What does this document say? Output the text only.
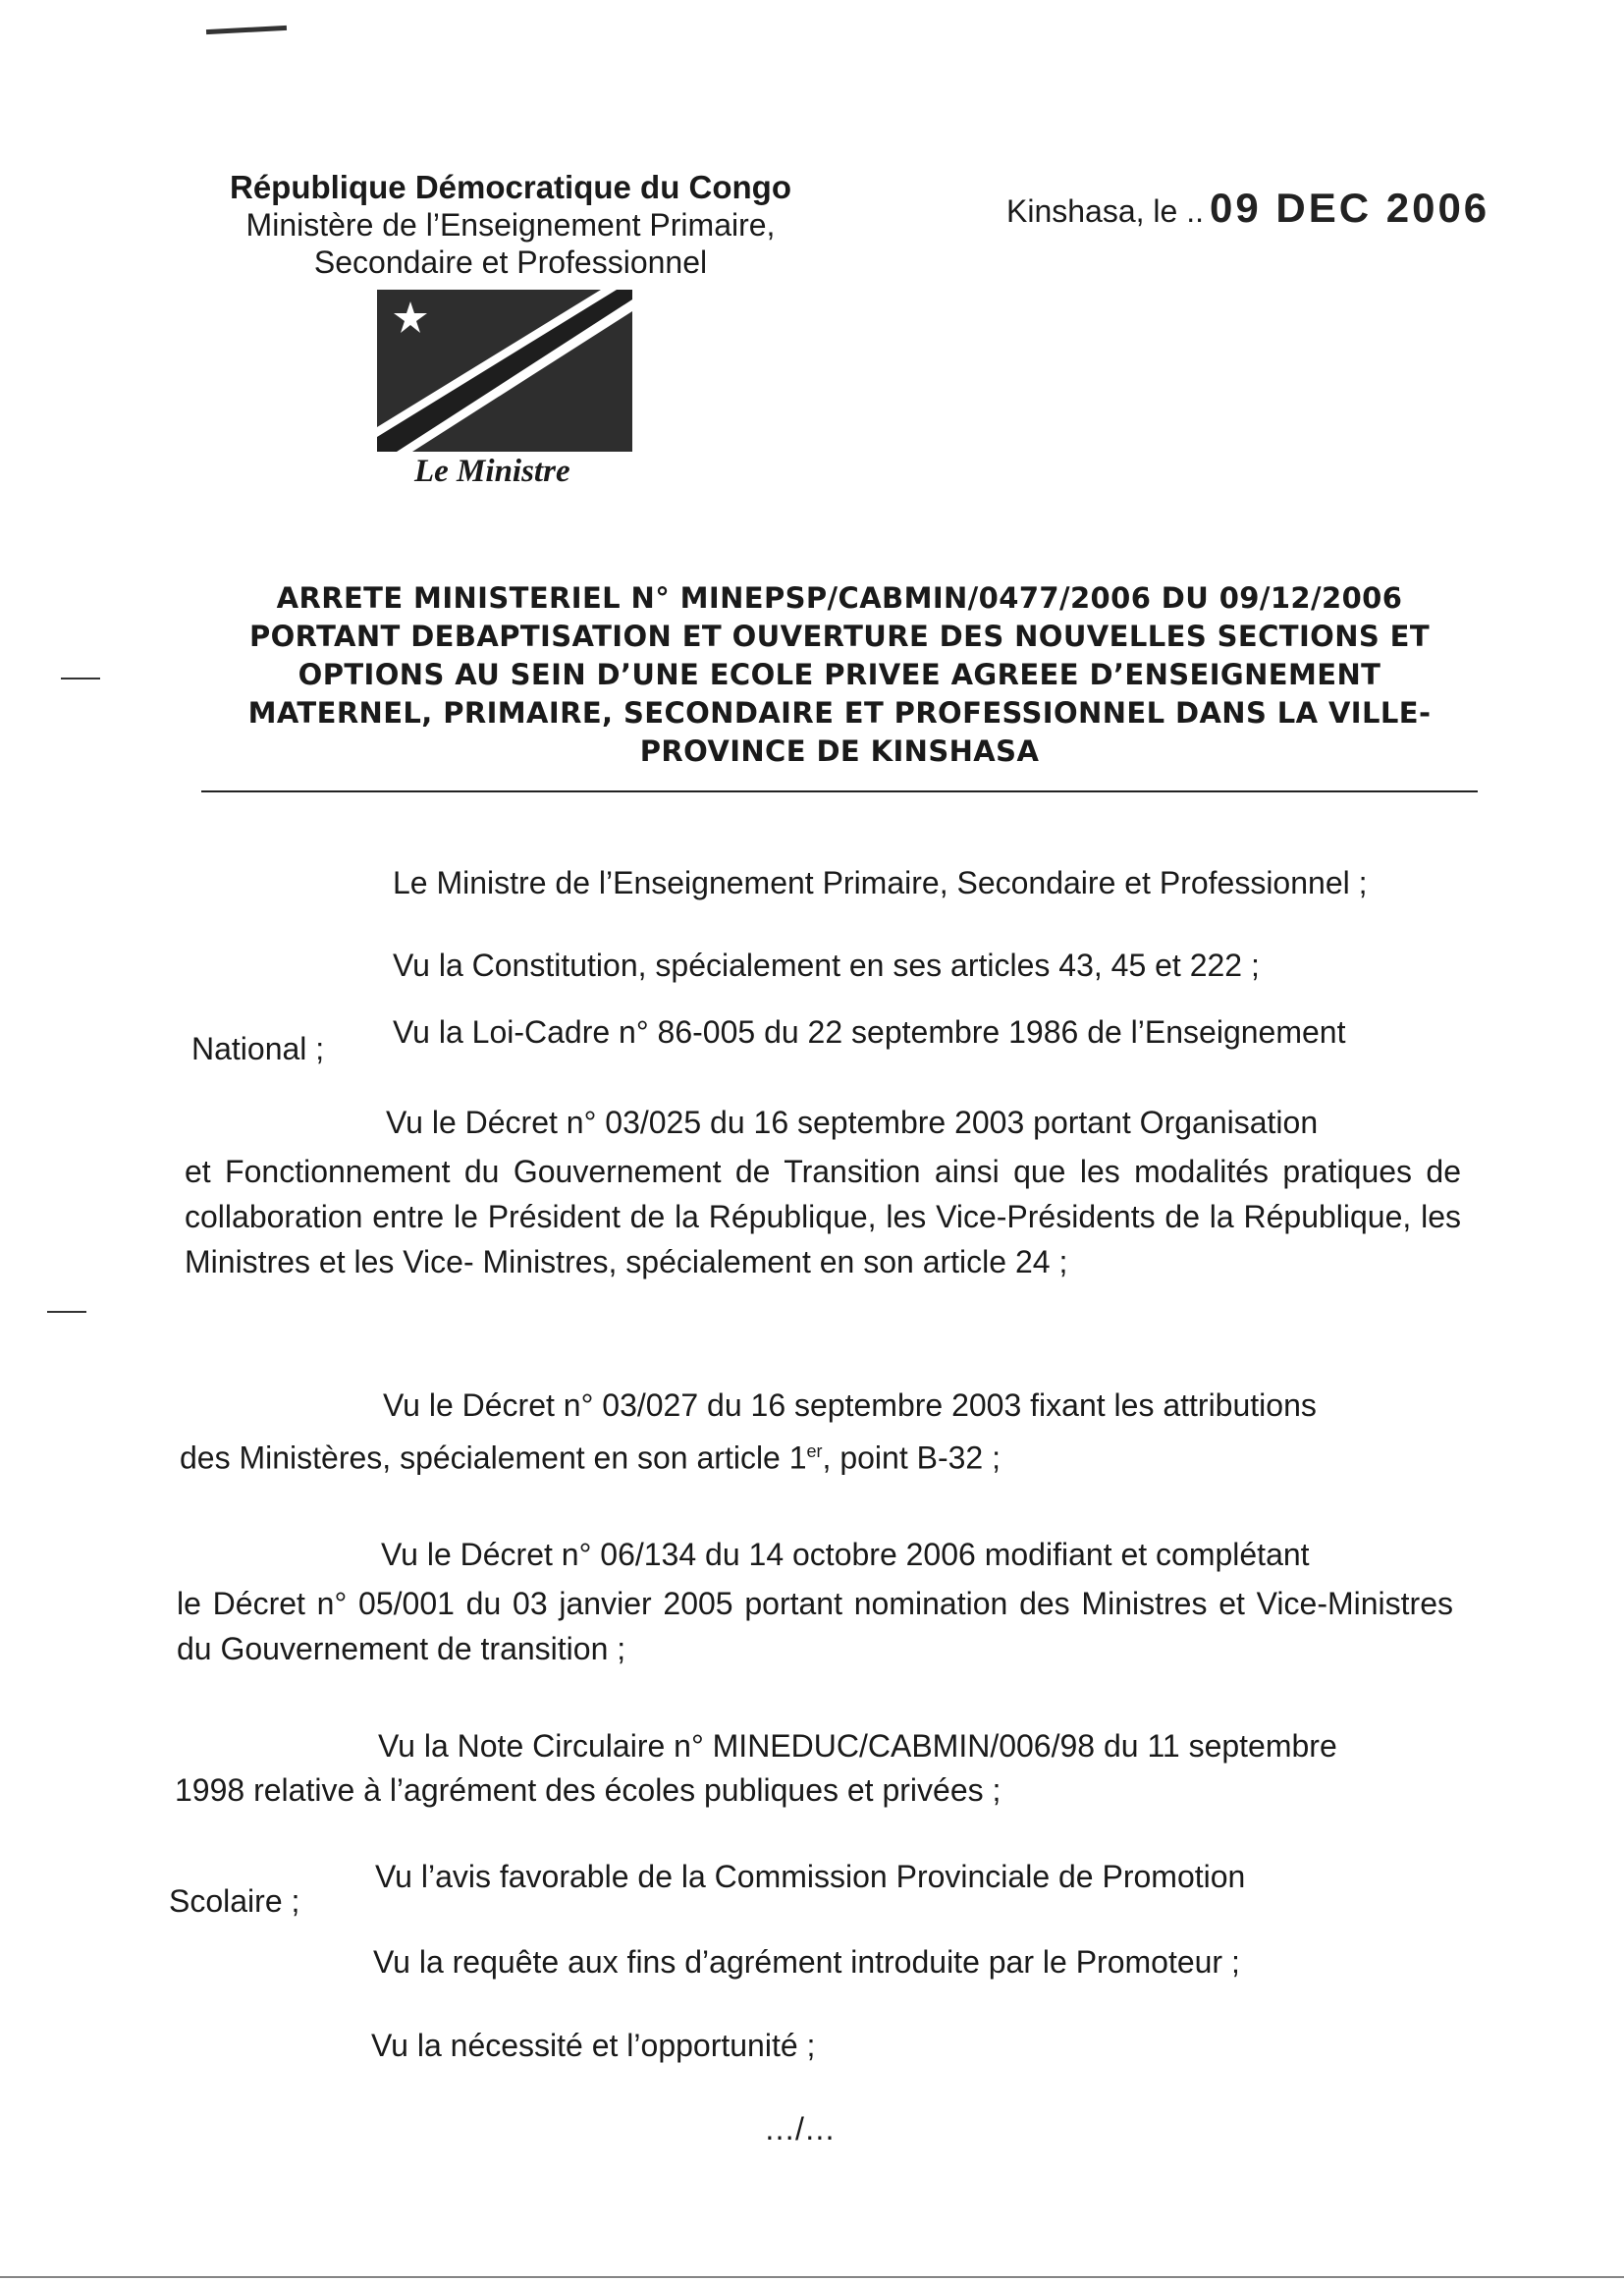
République Démocratique du Congo
Ministère de l’Enseignement Primaire,
Secondaire et Professionnel
Kinshasa, le .. 09 DEC 2006
Le Ministre
ARRETE MINISTERIEL N° MINEPSP/CABMIN/0477/2006 DU 09/12/2006
PORTANT DEBAPTISATION ET OUVERTURE DES NOUVELLES SECTIONS ET
OPTIONS AU SEIN D’UNE ECOLE PRIVEE AGREEE D’ENSEIGNEMENT
MATERNEL, PRIMAIRE, SECONDAIRE ET PROFESSIONNEL DANS LA VILLE-
PROVINCE DE KINSHASA
Le Ministre de l’Enseignement Primaire, Secondaire et Professionnel ;
Vu la Constitution, spécialement en ses articles 43, 45 et 222 ;
Vu la Loi-Cadre n° 86-005 du 22 septembre 1986 de l’Enseignement
National ;
Vu le Décret n° 03/025 du 16 septembre 2003 portant Organisation
et Fonctionnement du Gouvernement de Transition ainsi que les modalités pratiques de collaboration entre le Président de la République, les Vice-Présidents de la République, les Ministres et les Vice- Ministres, spécialement en son article 24 ;
Vu le Décret n° 03/027 du 16 septembre 2003 fixant les attributions
des Ministères, spécialement en son article 1er, point B-32 ;
Vu le Décret n° 06/134 du 14 octobre 2006 modifiant et complétant
le Décret n° 05/001 du 03 janvier 2005 portant nomination des Ministres et Vice-Ministres du Gouvernement de transition ;
Vu la Note Circulaire n° MINEDUC/CABMIN/006/98 du 11 septembre
1998 relative à l’agrément des écoles publiques et privées ;
Vu l’avis favorable de la Commission Provinciale de Promotion
Scolaire ;
Vu la requête aux fins d’agrément introduite par le Promoteur ;
Vu la nécessité et l’opportunité ;
…/…
